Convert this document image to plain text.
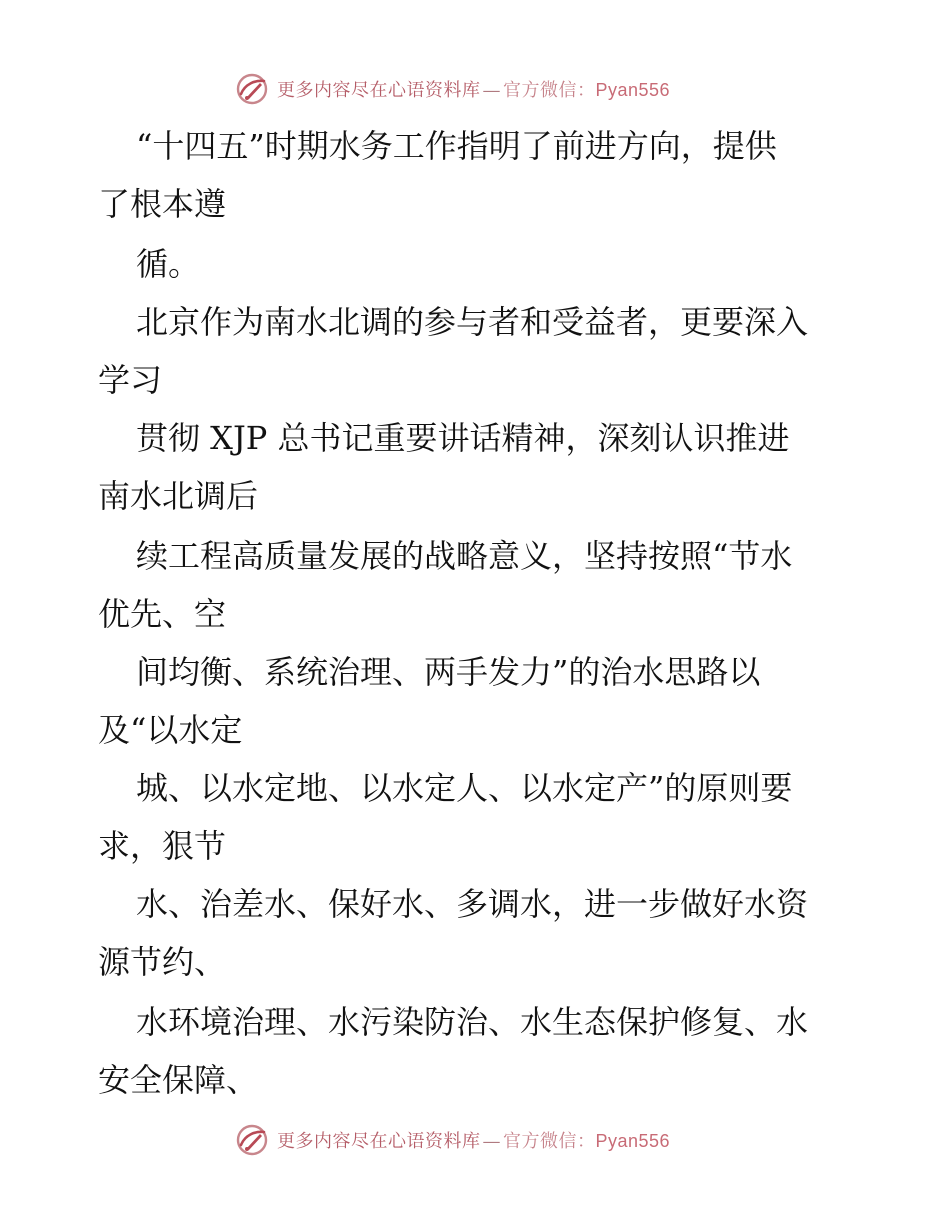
更多内容尽在心语资料库 — 官方微信：Pyan556
“十四五”时期水务工作指明了前进方向，提供
了根本遵
循。
北京作为南水北调的参与者和受益者，更要深入
学习
贯彻 XJP 总书记重要讲话精神，深刻认识推进
南水北调后
续工程高质量发展的战略意义，坚持按照“节水
优先、空
间均衡、系统治理、两手发力”的治水思路以
及“以水定
城、以水定地、以水定人、以水定产”的原则要
求，狠节
水、治差水、保好水、多调水，进一步做好水资
源节约、
水环境治理、水污染防治、水生态保护修复、水
安全保障、
更多内容尽在心语资料库 — 官方微信：Pyan556
